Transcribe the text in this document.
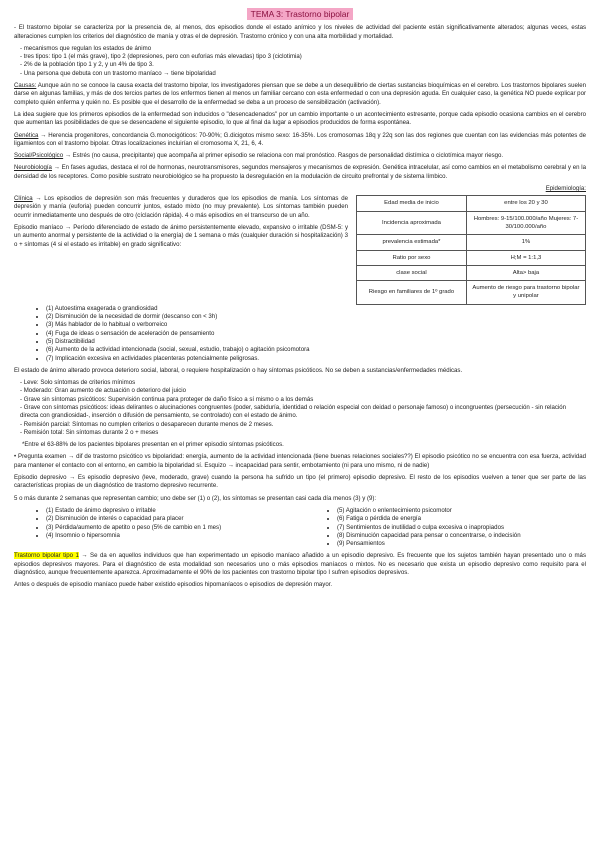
TEMA 3: Trastorno bipolar

- El trastorno bipolar se caracteriza por la presencia de, al menos, dos episodios donde el estado anímico y los niveles de actividad del paciente están significativamente alterados; algunas veces, estas alteraciones cumplen los criterios del diagnóstico de manía y otras el de depresión. Trastorno crónico y con una alta morbilidad y mortalidad.

- mecanismos que regulan los estados de ánimo
- tres tipos: tipo 1 (el más grave), tipo 2 (depresiones, pero con euforias más elevadas) tipo 3 (ciclotimia)
- 2% de la población tipo 1 y 2, y un 4% de tipo 3.
- Una persona que debuta con un trastorno maníaco → tiene bipolaridad

Causas: Aunque aún no se conoce la causa exacta del trastorno bipolar, los investigadores piensan que se debe a un desequilibrio de ciertas sustancias bioquímicas en el cerebro. Los trastornos bipolares suelen darse en algunas familias, y más de dos tercios partes de los enfermos tienen al menos un familiar cercano con esta enfermedad o con una depresión aguda. En cualquier caso, la genética NO puede explicar por completo quién enferma y quién no. Es posible que el desarrollo de la enfermedad se deba a un proceso de sensibilización (activación).

La idea sugiere que los primeros episodios de la enfermedad son inducidos o "desencadenados" por un cambio importante o un acontecimiento estresante, porque cada episodio ocasiona cambios en el cerebro que aumentan las posibilidades de que se desencadene el siguiente episodio, lo que al final da lugar a episodios producidos de forma espontánea.

Genética → Herencia progenitores, concordancia G.monocigóticos: 70-90%; G.dicigotos mismo sexo: 16-35%. Los cromosomas 18q y 22q son las dos regiones que cuentan con las evidencias más potentes de ligamientos con el trastorno bipolar. Otras localizaciones incluirían el cromosoma X, 21, 6, 4.

Social/Psicológico → Estrés (no causa, precipitante) que acompaña al primer episodio se relaciona con mal pronóstico. Rasgos de personalidad distímica o ciclotímica mayor riesgo.

Neurobiología → En fases agudas, destaca el rol de hormonas, neurotransmisores, segundos mensajeros y mecanismos de expresión. Genética intracelular, así como cambios en el metabolismo cerebral y en la densidad de los receptores. Como posible sustrato neurobiológico se ha propuesto la desregulación en la modulación de circuito prefrontal y de sistema límbico.

Clínica → Los episodios de depresión son más frecuentes y duraderos que los episodios de manía. Los síntomas de depresión y manía (euforia) pueden concurrir juntos, estado mixto (no muy prevalente). Los síntomas también pueden ocurrir inmediatamente uno después de otro (cíclación rápida). 4 o más episodios en el transcurso de un año.

Episodio maníaco → Período diferenciado de estado de ánimo persistentemente elevado, expansivo o irritable (DSM-5: y un aumento anormal y persistente de la actividad o la energía) de 1 semana o más (cualquier duración si hospitalización) 3 o + síntomas (4 si el estado es irritable) en grado significativo:

Epidemiología:

Edad media de inicio	entre los 20 y 30
Incidencia aproximada	Hombres: 9-15/100.000/año Mujeres: 7-30/100.000/año
prevalencia estimada*	1%
Ratio por sexo	H;M = 1:1,3
clase social	Alta> baja
Riesgo en familiares de 1º grado	Aumento de riesgo para trastorno bipolar y unipolar
• (1) Autoestima exagerada o grandiosidad
• (2) Disminución de la necesidad de dormir (descanso con < 3h)
• (3) Más hablador de lo habitual o verborreico
• (4) Fuga de ideas o sensación de aceleración de pensamiento
• (5) Distractibilidad
• (6) Aumento de la actividad intencionada (social, sexual, estudio, trabajo) o agitación psicomotora
• (7) Implicación excesiva en actividades placenteras potencialmente peligrosas.

El estado de ánimo alterado provoca deterioro social, laboral, o requiere hospitalización o hay síntomas psicóticos. No se deben a sustancias/enfermedades médicas.

- Leve: Solo síntomas de criterios mínimos
- Moderado: Gran aumento de actuación o deterioro del juicio
- Grave sin síntomas psicóticos: Supervisión continua para proteger de daño físico a sí mismo o a los demás
- Grave con síntomas psicóticos: ideas delirantes o alucinaciones congruentes (poder, sabiduría, identidad o relación especial con deidad o personaje famoso) o incongruentes (persecución - sin relación directa con grandiosidad-, inserción o difusión de pensamiento, se controlado) con el estado de ánimo.
- Remisión parcial: Síntomas no cumplen criterios o desaparecen durante menos de 2 meses.
- Remisión total: Sin síntomas durante 2 o + meses

*Entre el 63-88% de los pacientes bipolares presentan en el primer episodio síntomas psicóticos.

• Pregunta examen → dif de trastorno psicótico vs bipolaridad: energía, aumento de la actividad intencionada (tiene buenas relaciones sociales??) El episodio psicótico no se encuentra con esa fuerza, actividad para mantener el contacto con el entorno, en cambio la bipolaridad sí. Esquizo → incapacidad para sentir, embotamiento (ni para uno mismo, ni de nadie)

Episodio depresivo → Es episodio depresivo (leve, moderado, grave) cuando la persona ha sufrido un tipo (el primero) episodio depresivo. El resto de los episodios vuelven a tener que ser parte de las características propias de un diagnóstico de trastorno depresivo recurrente.

5 o más durante 2 semanas que representan cambio; uno debe ser (1) o (2), los síntomas se presentan casi cada día menos (3) y (9):

• (1) Estado de ánimo depresivo o irritable
• (2) Disminución de interés o capacidad para placer
• (3) Pérdida/aumento de apetito o peso (5% de cambio en 1 mes)
• (4) Insomnio o hipersomnia
• (5) Agitación o enlentecimiento psicomotor
• (6) Fatiga o pérdida de energía
• (7) Sentimientos de inutilidad o culpa excesiva o inapropiados
• (8) Disminución capacidad para pensar o concentrarse, o indecisión
• (9) Pensamientos

Trastorno bipolar tipo 1 → Se da en aquellos individuos que han experimentado un episodio maníaco añadido a un episodio depresivo. Es frecuente que los sujetos también hayan presentado uno o más episodios depresivos mayores. Para el diagnóstico de esta modalidad son necesarios uno o más episodios maníacos o mixtos. No es necesario que exista un episodio depresivo como requisito para el diagnóstico, aunque frecuentemente aparezca. Aproximadamente el 90% de los pacientes con trastorno bipolar tipo I sufren episodios depresivos.

Antes o después de episodio maníaco puede haber existido episodios hipomaníacos o episodios de depresión mayor.
